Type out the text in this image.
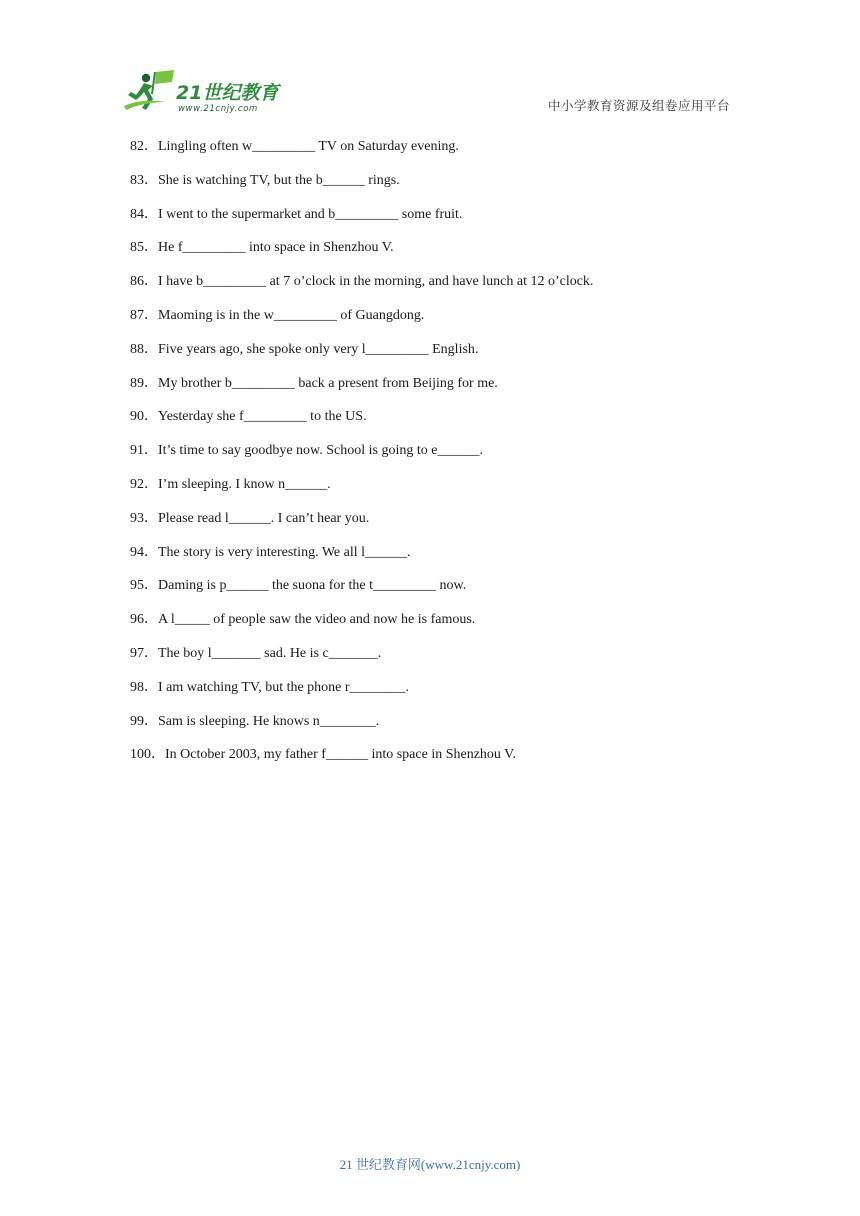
21世纪教育
www.21cnjy.com	中小学教育资源及组卷应用平台
82．Lingling often w_________ TV on Saturday evening.
83．She is watching TV, but the b______ rings.
84．I went to the supermarket and b_________ some fruit.
85．He f_________ into space in Shenzhou V.
86．I have b_________ at 7 o’clock in the morning, and have lunch at 12 o’clock.
87．Maoming is in the w_________ of Guangdong.
88．Five years ago, she spoke only very l_________ English.
89．My brother b_________ back a present from Beijing for me.
90．Yesterday she f_________ to the US.
91．It’s time to say goodbye now. School is going to e______.
92．I’m sleeping. I know n______.
93．Please read l______. I can’t hear you.
94．The story is very interesting. We all l______.
95．Daming is p______ the suona for the t_________ now.
96．A l_____ of people saw the video and now he is famous.
97．The boy l_______ sad. He is c_______.
98．I am watching TV, but the phone r________.
99．Sam is sleeping. He knows n________.
100．In October 2003, my father f______ into space in Shenzhou V.
21 世纪教育网(www.21cnjy.com)
